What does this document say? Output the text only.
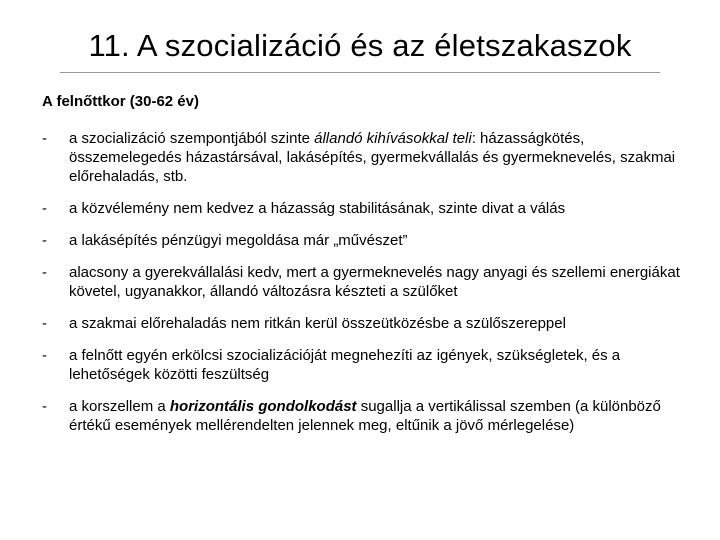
11. A szocializáció és az életszakaszok
A felnőttkor (30-62 év)
- a szocializáció szempontjából szinte állandó kihívásokkal teli: házasságkötés, összemelegedés házastársával, lakásépítés, gyermekvállalás és gyermeknevelés, szakmai előrehaladás, stb.
- a közvélemény nem kedvez a házasság stabilitásának, szinte divat a válás
- a lakásépítés pénzügyi megoldása már „művészet”
- alacsony a gyerekvállalási kedv, mert a gyermeknevelés nagy anyagi és szellemi energiákat követel, ugyanakkor, állandó változásra készteti a szülőket
- a szakmai előrehaladás nem ritkán kerül összeütközésbe a szülőszereppel
- a felnőtt egyén erkölcsi szocializációját megnehezíti az igények, szükségletek, és a lehetőségek közötti feszültség
- a korszellem a horizontális gondolkodást sugallja a vertikálissal szemben (a különböző értékű események mellérendelten jelennek meg, eltűnik a jövő mérlegelése)
